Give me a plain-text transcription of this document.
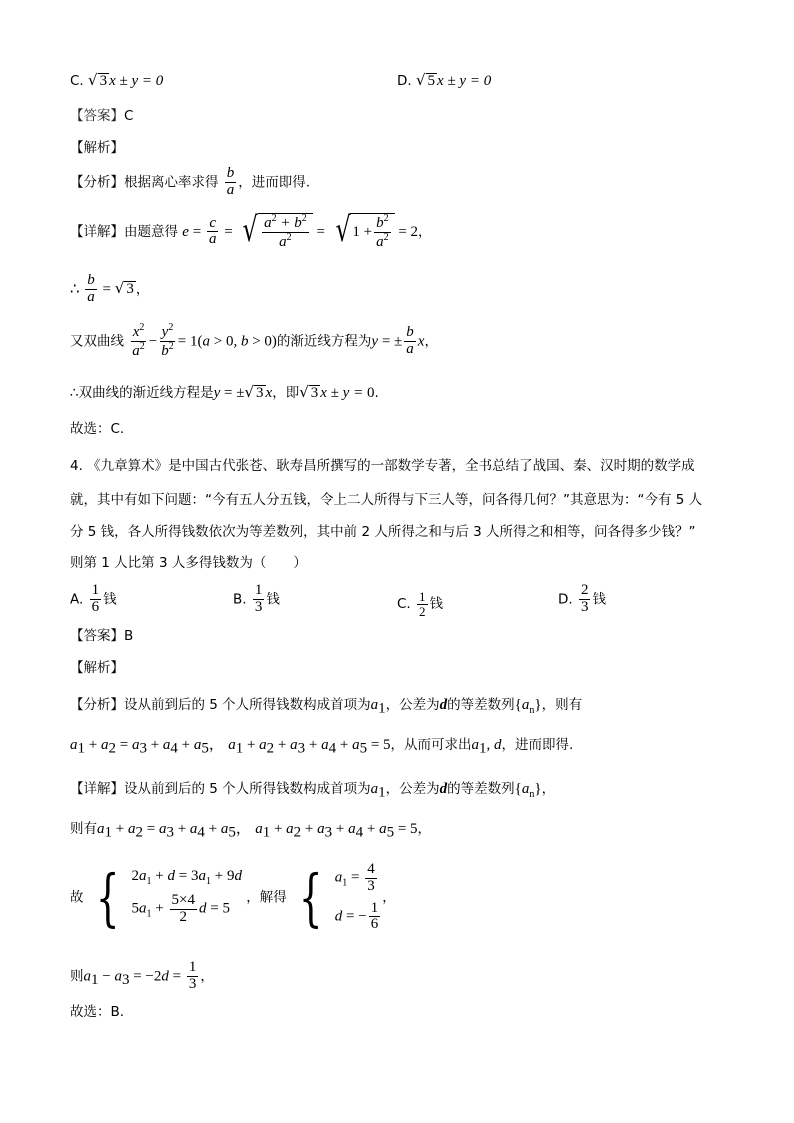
C. √ 3 x ± y = 0	D. √ 5 x ± y = 0
【答案】C
【解析】
【分析】根据离心率求得 $\frac{b}{a}$ ，进而即得.
【详解】由题意得 $e = \frac{c}{a}$ = √ $\frac{a^2 + b^2}{a^2}$ = √ $1 + \frac{b^2}{a^2} = 2$，
∴ $\frac{b}{a}$ = √ 3 ，
又双曲线 $\frac{x^2}{a^2} - \frac{y^2}{b^2} = 1(a > 0$, b > 0)的渐近线方程为y = ± $\frac{b}{a}$ x，
∴双曲线的渐近线方程是y = ± √ 3 x，即 √ 3 x ± y = 0.
故选：C.
4. 《九章算术》是中国古代张苍、耿寿昌所撰写的一部数学专著，全书总结了战国、秦、汉时期的数学成
就，其中有如下问题：“今有五人分五钱，令上二人所得与下三人等，问各得几何？”其意思为：“今有 5 人
分 5 钱，各人所得钱数依次为等差数列，其中前 2 人所得之和与后 3 人所得之和相等，问各得多少钱？”
则第 1 人比第 3 人多得钱数为（　　）
A. $\frac{1}{6}$ 钱	B. $\frac{1}{3}$ 钱	C. $\frac{1}{2}$ 钱	D. $\frac{2}{3}$ 钱
【答案】B
【解析】
【分析】设从前到后的 5 个人所得钱数构成首项为$a_1$，公差为d的等差数列$\{a_n\}$，则有
$a_1 + a_2 = a_3 + a_4 + a_5$， $a_1 + a_2 + a_3 + a_4 + a_5 = 5$，从而可求出$a_1$, d，进而即得.
【详解】设从前到后的 5 个人所得钱数构成首项为$a_1$，公差为d的等差数列$\{a_n\}$，
则有$a_1 + a_2 = a_3 + a_4 + a_5$， $a_1 + a_2 + a_3 + a_4 + a_5 = 5$，
故 { $2a_1 + d = 3a_1 + 9d$
$5a_1 + \frac{5\times 4}{2}$ d = 5
，解得 { $a_1 = \frac{4}{3}$
d = − $\frac{1}{6}$
，
则$a_1 - a_3 = -2d = \frac{1}{3}$ ，
故选：B.
